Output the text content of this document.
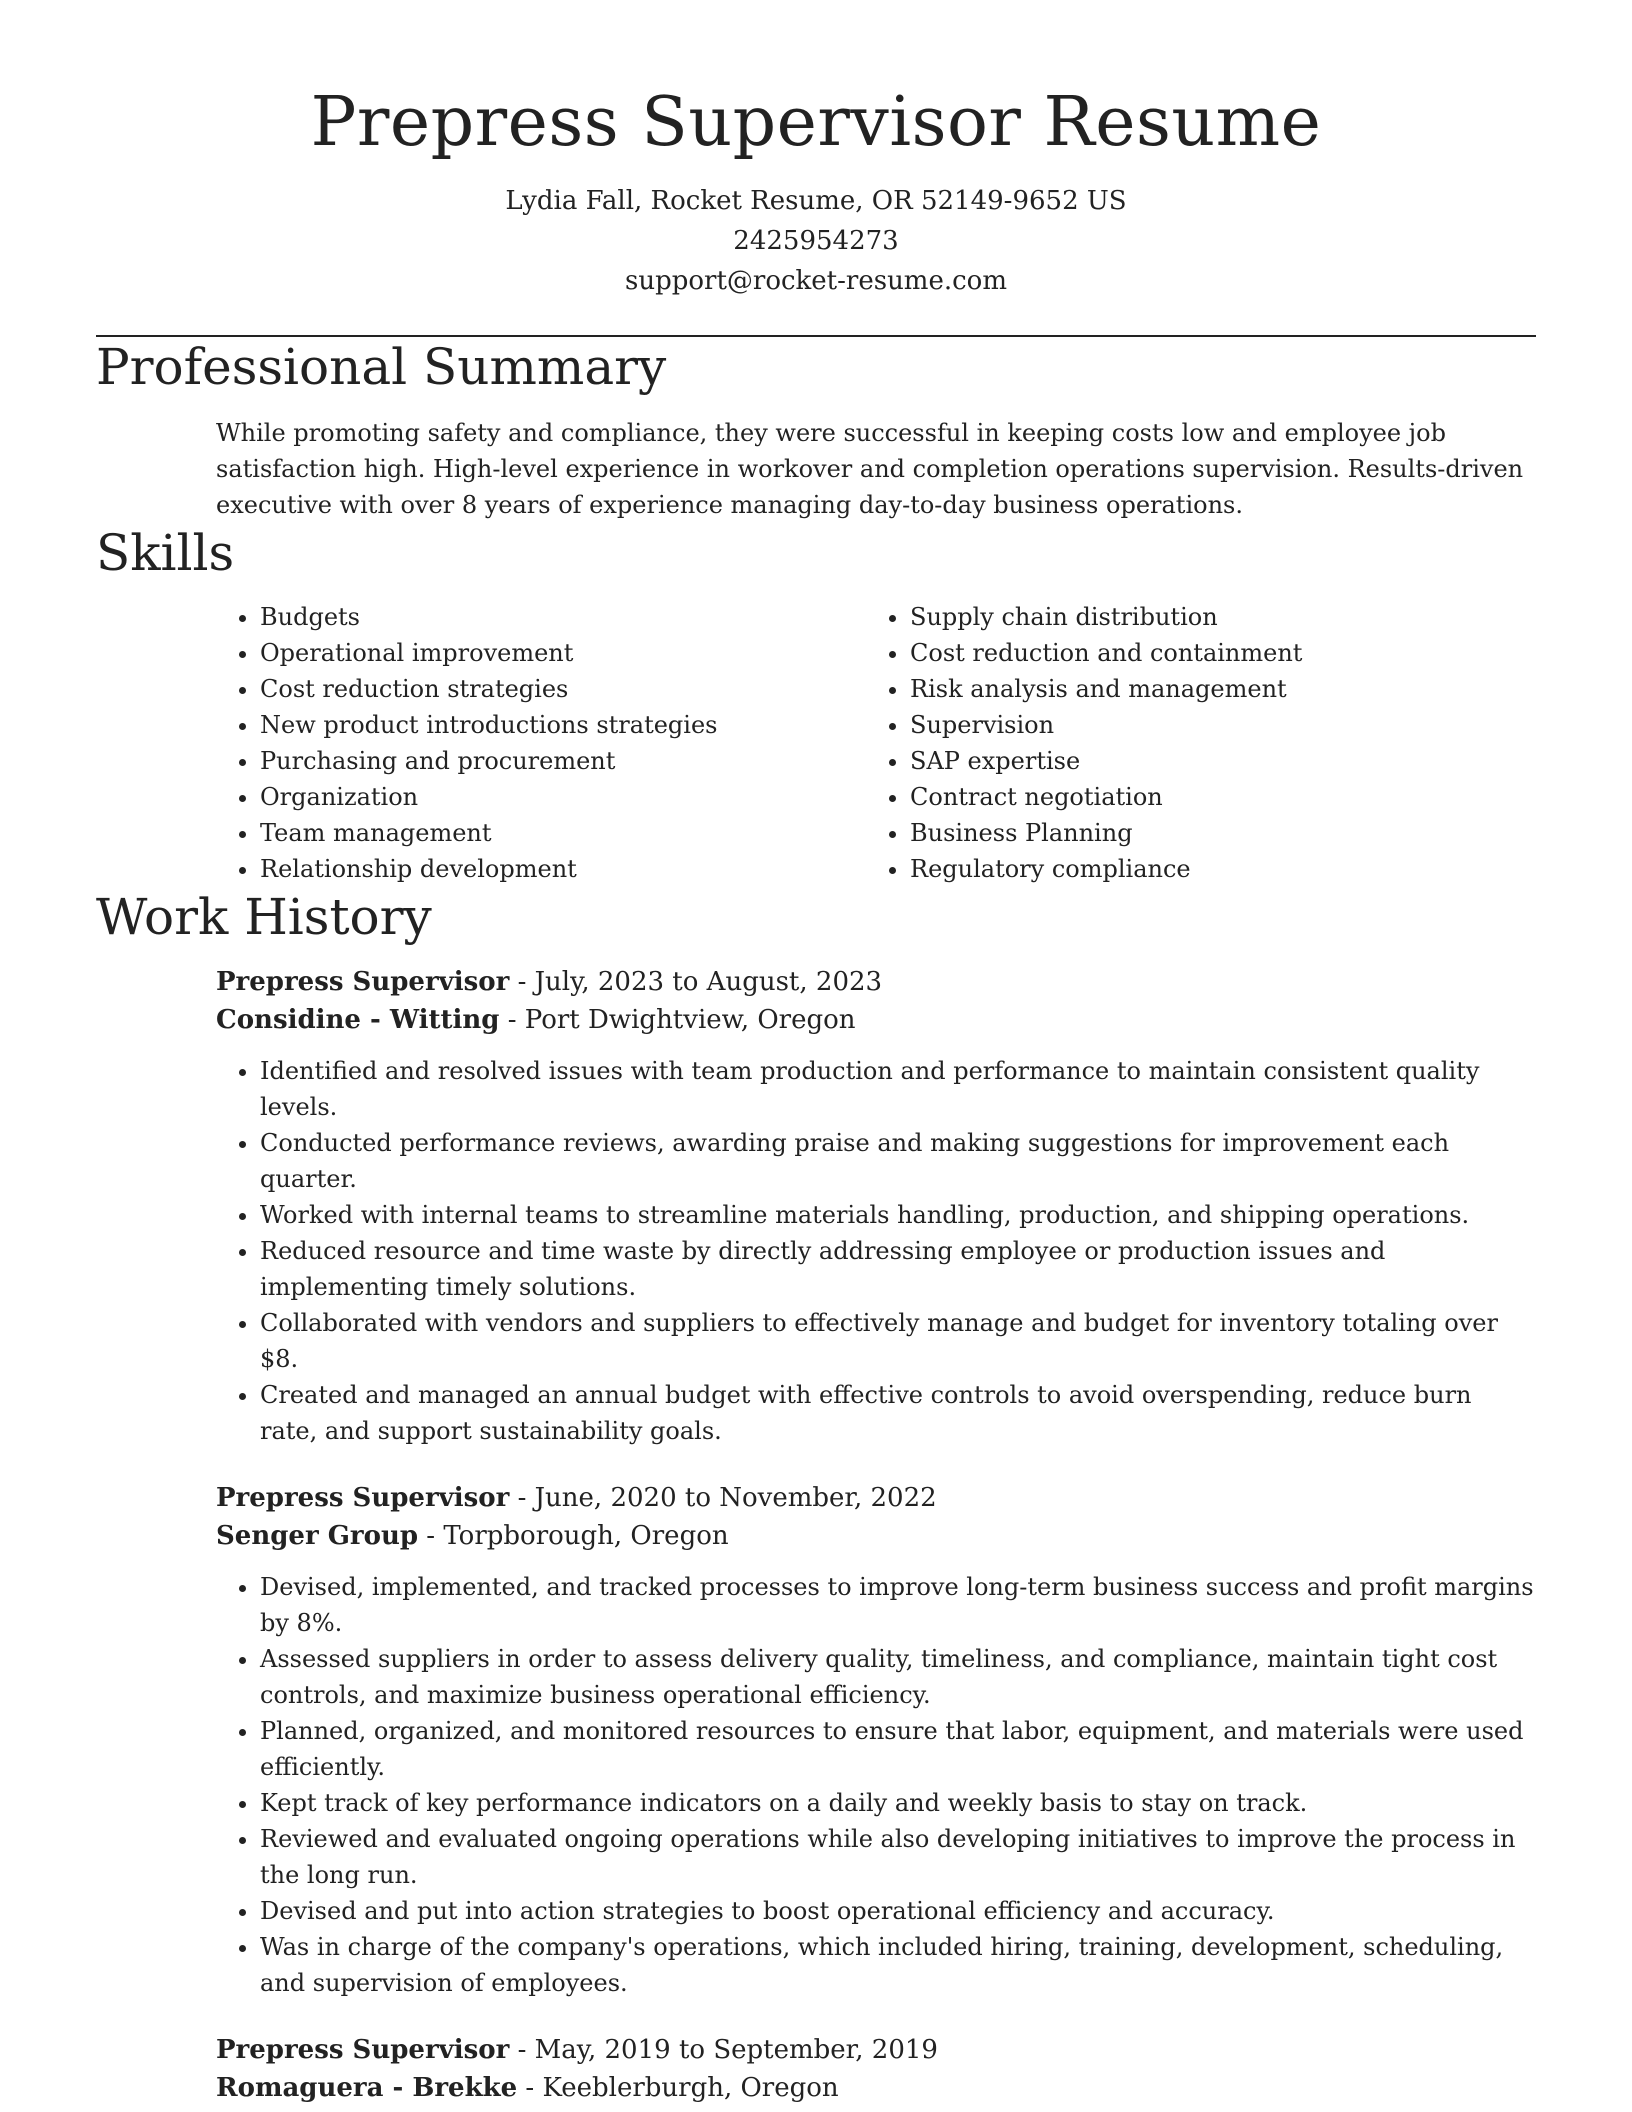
Prepress Supervisor Resume
Lydia Fall, Rocket Resume, OR 52149-9652 US
2425954273
support@rocket-resume.com
Professional Summary

While promoting safety and compliance, they were successful in keeping costs low and employee job satisfaction high. High-level experience in workover and completion operations supervision. Results-driven executive with over 8 years of experience managing day-to-day business operations.

Skills
• Budgets
• Operational improvement
• Cost reduction strategies
• New product introductions strategies
• Purchasing and procurement
• Organization
• Team management
• Relationship development
• Supply chain distribution
• Cost reduction and containment
• Risk analysis and management
• Supervision
• SAP expertise
• Contract negotiation
• Business Planning
• Regulatory compliance
Work History
Prepress Supervisor - July, 2023 to August, 2023
Considine - Witting - Port Dwightview, Oregon
• Identified and resolved issues with team production and performance to maintain consistent quality levels.
• Conducted performance reviews, awarding praise and making suggestions for improvement each quarter.
• Worked with internal teams to streamline materials handling, production, and shipping operations.
• Reduced resource and time waste by directly addressing employee or production issues and implementing timely solutions.
• Collaborated with vendors and suppliers to effectively manage and budget for inventory totaling over $8.
• Created and managed an annual budget with effective controls to avoid overspending, reduce burn rate, and support sustainability goals.
Prepress Supervisor - June, 2020 to November, 2022
Senger Group - Torpborough, Oregon
• Devised, implemented, and tracked processes to improve long-term business success and profit margins by 8%.
• Assessed suppliers in order to assess delivery quality, timeliness, and compliance, maintain tight cost controls, and maximize business operational efficiency.
• Planned, organized, and monitored resources to ensure that labor, equipment, and materials were used efficiently.
• Kept track of key performance indicators on a daily and weekly basis to stay on track.
• Reviewed and evaluated ongoing operations while also developing initiatives to improve the process in the long run.
• Devised and put into action strategies to boost operational efficiency and accuracy.
• Was in charge of the company's operations, which included hiring, training, development, scheduling, and supervision of employees.
Prepress Supervisor - May, 2019 to September, 2019
Romaguera - Brekke - Keeblerburgh, Oregon
